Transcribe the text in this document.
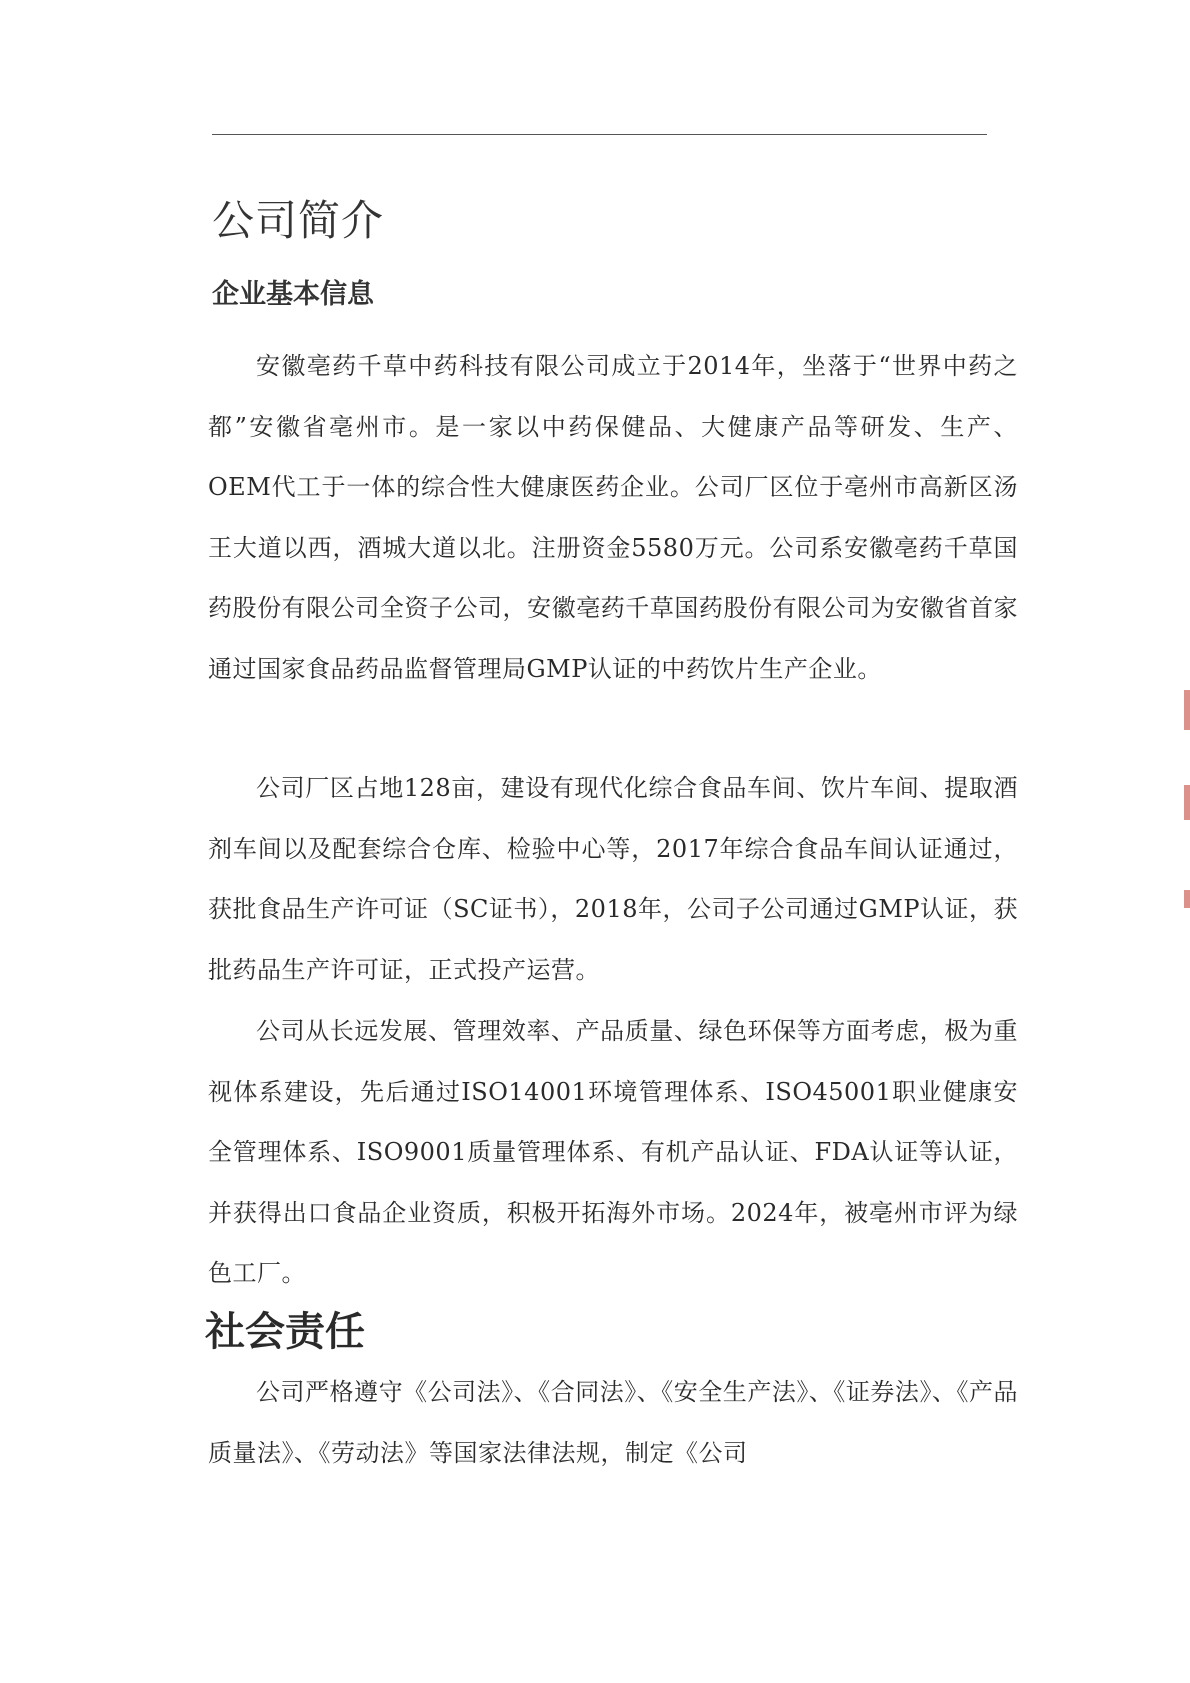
公司简介
企业基本信息

安徽亳药千草中药科技有限公司成立于2014年，坐落于“世界中药之都”安徽省亳州市。是一家以中药保健品、大健康产品等研发、生产、OEM代工于一体的综合性大健康医药企业。公司厂区位于亳州市高新区汤王大道以西，酒城大道以北。注册资金5580万元。公司系安徽亳药千草国药股份有限公司全资子公司，安徽亳药千草国药股份有限公司为安徽省首家通过国家食品药品监督管理局GMP认证的中药饮片生产企业。

公司厂区占地128亩，建设有现代化综合食品车间、饮片车间、提取酒剂车间以及配套综合仓库、检验中心等，2017年综合食品车间认证通过，获批食品生产许可证（SC证书），2018年，公司子公司通过GMP认证，获批药品生产许可证，正式投产运营。

公司从长远发展、管理效率、产品质量、绿色环保等方面考虑，极为重视体系建设，先后通过ISO14001环境管理体系、ISO45001职业健康安全管理体系、ISO9001质量管理体系、有机产品认证、FDA认证等认证，并获得出口食品企业资质，积极开拓海外市场。2024年，被亳州市评为绿色工厂。

社会责任

公司严格遵守《公司法》、《合同法》、《安全生产法》、《证券法》、《产品质量法》、《劳动法》等国家法律法规，制定《公司
